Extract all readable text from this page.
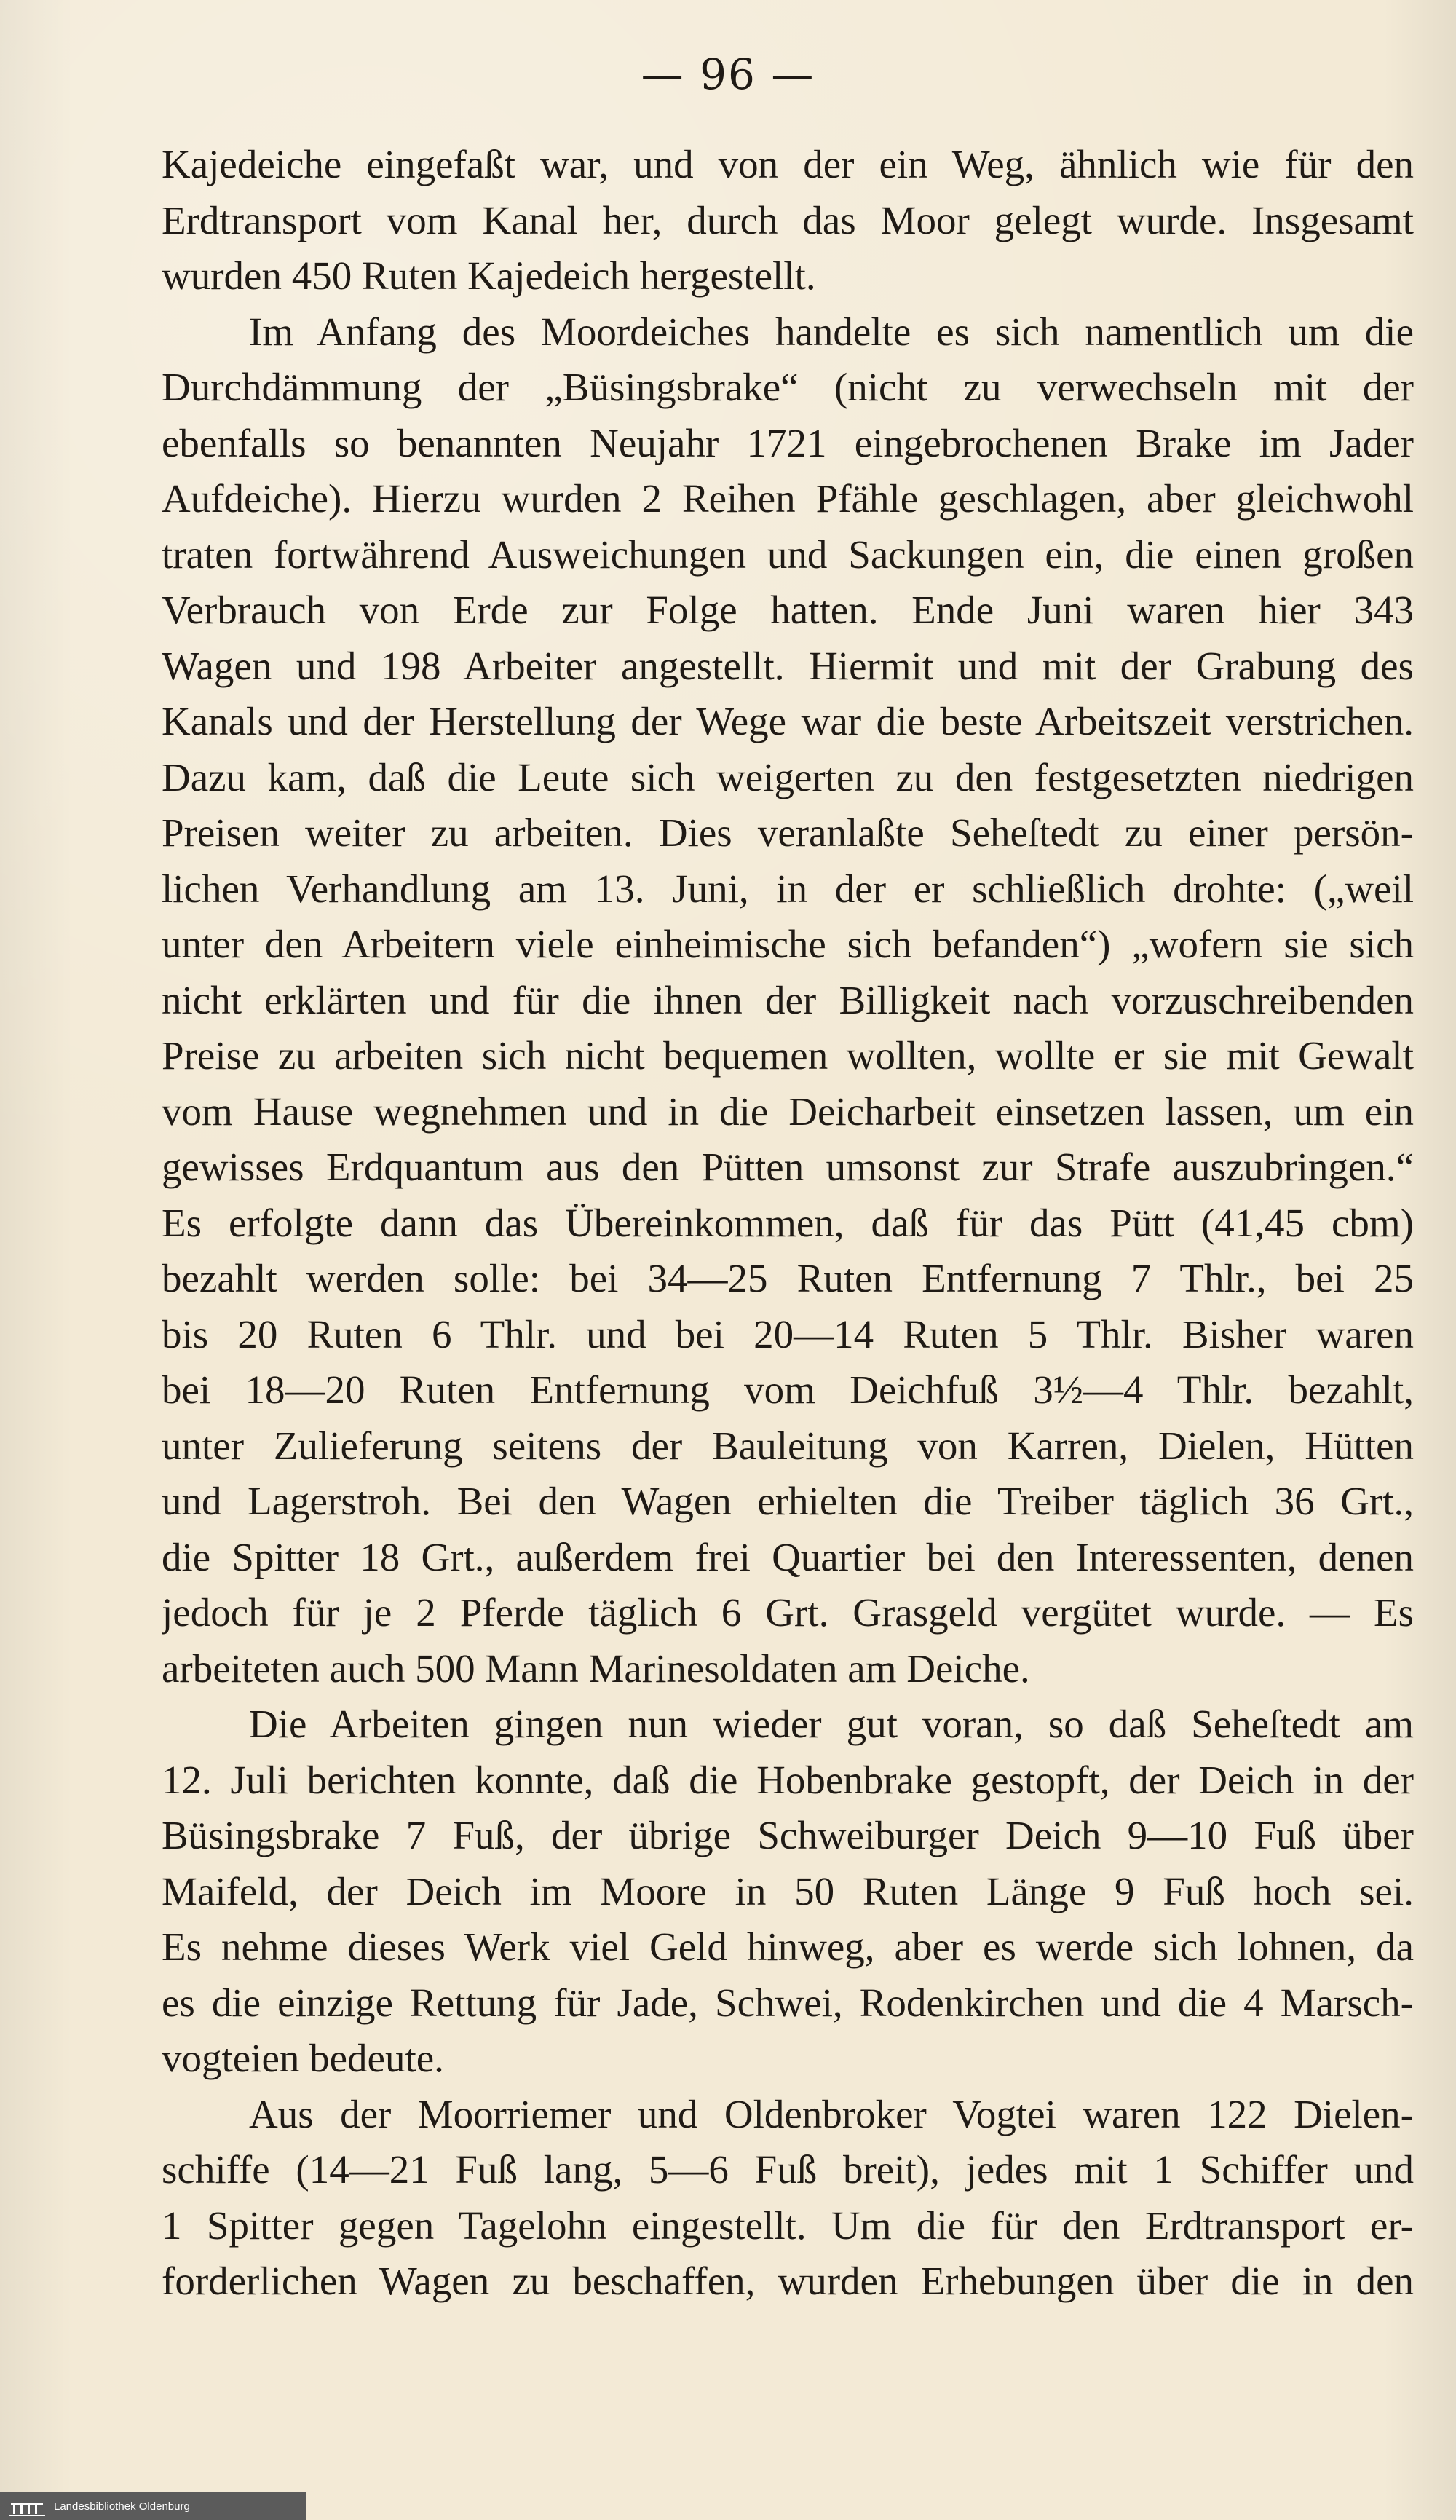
— 96 —
Kajedeiche eingefaßt war, und von der ein Weg, ähnlich wie für den
Erdtransport vom Kanal her, durch das Moor gelegt wurde. Insgesamt
wurden 450 Ruten Kajedeich hergestellt.
Im Anfang des Moordeiches handelte es sich namentlich um die
Durchdämmung der „Büsingsbrake“ (nicht zu verwechseln mit der
ebenfalls so benannten Neujahr 1721 eingebrochenen Brake im Jader
Aufdeiche). Hierzu wurden 2 Reihen Pfähle geschlagen, aber gleichwohl
traten fortwährend Ausweichungen und Sackungen ein, die einen großen
Verbrauch von Erde zur Folge hatten. Ende Juni waren hier 343
Wagen und 198 Arbeiter angestellt. Hiermit und mit der Grabung des
Kanals und der Herstellung der Wege war die beste Arbeitszeit verstrichen.
Dazu kam, daß die Leute sich weigerten zu den festgesetzten niedrigen
Preisen weiter zu arbeiten. Dies veranlaßte Seheſtedt zu einer persön-
lichen Verhandlung am 13. Juni, in der er schließlich drohte: („weil
unter den Arbeitern viele einheimische sich befanden“) „wofern sie sich
nicht erklärten und für die ihnen der Billigkeit nach vorzuschreibenden
Preise zu arbeiten sich nicht bequemen wollten, wollte er sie mit Gewalt
vom Hause wegnehmen und in die Deicharbeit einsetzen lassen, um ein
gewisses Erdquantum aus den Pütten umsonst zur Strafe auszubringen.“
Es erfolgte dann das Übereinkommen, daß für das Pütt (41,45 cbm)
bezahlt werden solle: bei 34—25 Ruten Entfernung 7 Thlr., bei 25
bis 20 Ruten 6 Thlr. und bei 20—14 Ruten 5 Thlr. Bisher waren
bei 18—20 Ruten Entfernung vom Deichfuß 3½—4 Thlr. bezahlt,
unter Zulieferung seitens der Bauleitung von Karren, Dielen, Hütten
und Lagerstroh. Bei den Wagen erhielten die Treiber täglich 36 Grt.,
die Spitter 18 Grt., außerdem frei Quartier bei den Interessenten, denen
jedoch für je 2 Pferde täglich 6 Grt. Grasgeld vergütet wurde. — Es
arbeiteten auch 500 Mann Marinesoldaten am Deiche.
Die Arbeiten gingen nun wieder gut voran, so daß Seheſtedt am
12. Juli berichten konnte, daß die Hobenbrake gestopft, der Deich in der
Büsingsbrake 7 Fuß, der übrige Schweiburger Deich 9—10 Fuß über
Maifeld, der Deich im Moore in 50 Ruten Länge 9 Fuß hoch sei.
Es nehme dieses Werk viel Geld hinweg, aber es werde sich lohnen, da
es die einzige Rettung für Jade, Schwei, Rodenkirchen und die 4 Marsch-
vogteien bedeute.
Aus der Moorriemer und Oldenbroker Vogtei waren 122 Dielen-
schiffe (14—21 Fuß lang, 5—6 Fuß breit), jedes mit 1 Schiffer und
1 Spitter gegen Tagelohn eingestellt. Um die für den Erdtransport er-
forderlichen Wagen zu beschaffen, wurden Erhebungen über die in den
Landesbibliothek Oldenburg
